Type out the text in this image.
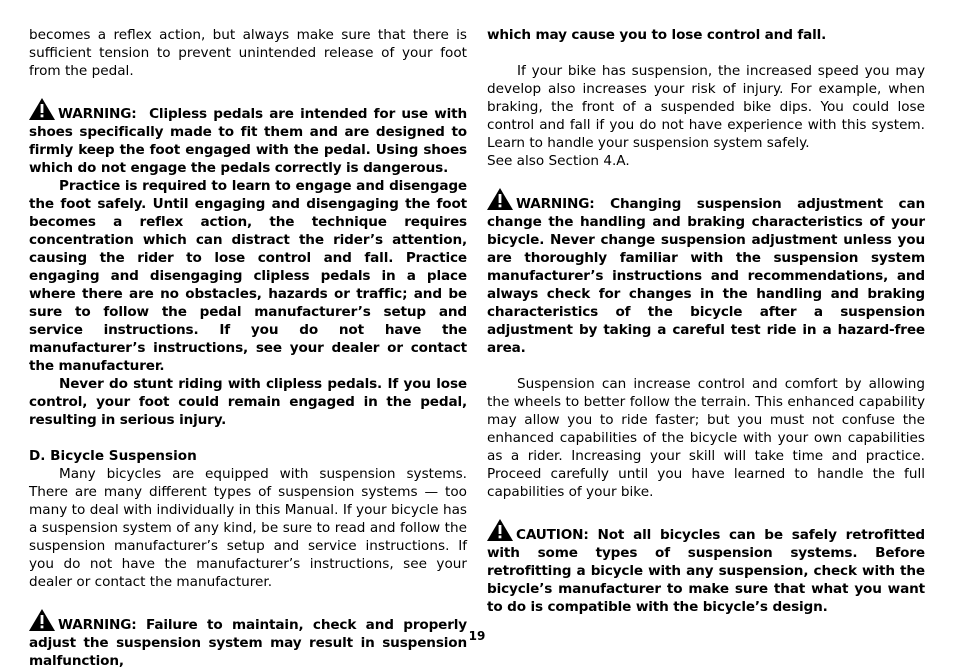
becomes a reflex action, but always make sure that there is sufficient tension to prevent unintended release of your foot from the pedal.

WARNING: Clipless pedals are intended for use with shoes specifically made to fit them and are designed to firmly keep the foot engaged with the pedal. Using shoes which do not engage the pedals correctly is dangerous.

Practice is required to learn to engage and disengage the foot safely. Until engaging and disengaging the foot becomes a reflex action, the technique requires concentration which can distract the rider’s attention, causing the rider to lose control and fall. Practice engaging and disengaging clipless pedals in a place where there are no obstacles, hazards or traffic; and be sure to follow the pedal manufacturer’s setup and service instructions. If you do not have the manufacturer’s instructions, see your dealer or contact the manufacturer.

Never do stunt riding with clipless pedals. If you lose control, your foot could remain engaged in the pedal, resulting in serious injury.

D. Bicycle Suspension

Many bicycles are equipped with suspension systems. There are many different types of suspension systems — too many to deal with individually in this Manual. If your bicycle has a suspension system of any kind, be sure to read and follow the suspension manufacturer’s setup and service instructions. If you do not have the manufacturer’s instructions, see your dealer or contact the manufacturer.

WARNING: Failure to maintain, check and properly adjust the suspension system may result in suspension malfunction,

which may cause you to lose control and fall.

If your bike has suspension, the increased speed you may develop also increases your risk of injury. For example, when braking, the front of a suspended bike dips. You could lose control and fall if you do not have experience with this system. Learn to handle your suspension system safely.

See also Section 4.A.

WARNING: Changing suspension adjustment can change the handling and braking characteristics of your bicycle. Never change suspension adjustment unless you are thoroughly familiar with the suspension system manufacturer’s instructions and recommendations, and always check for changes in the handling and braking characteristics of the bicycle after a suspension adjustment by taking a careful test ride in a hazard-free area.

Suspension can increase control and comfort by allowing the wheels to better follow the terrain. This enhanced capability may allow you to ride faster; but you must not confuse the enhanced capabilities of the bicycle with your own capabilities as a rider. Increasing your skill will take time and practice. Proceed carefully until you have learned to handle the full capabilities of your bike.

CAUTION: Not all bicycles can be safely retrofitted with some types of suspension systems. Before retrofitting a bicycle with any suspension, check with the bicycle’s manufacturer to make sure that what you want to do is compatible with the bicycle’s design.

19
